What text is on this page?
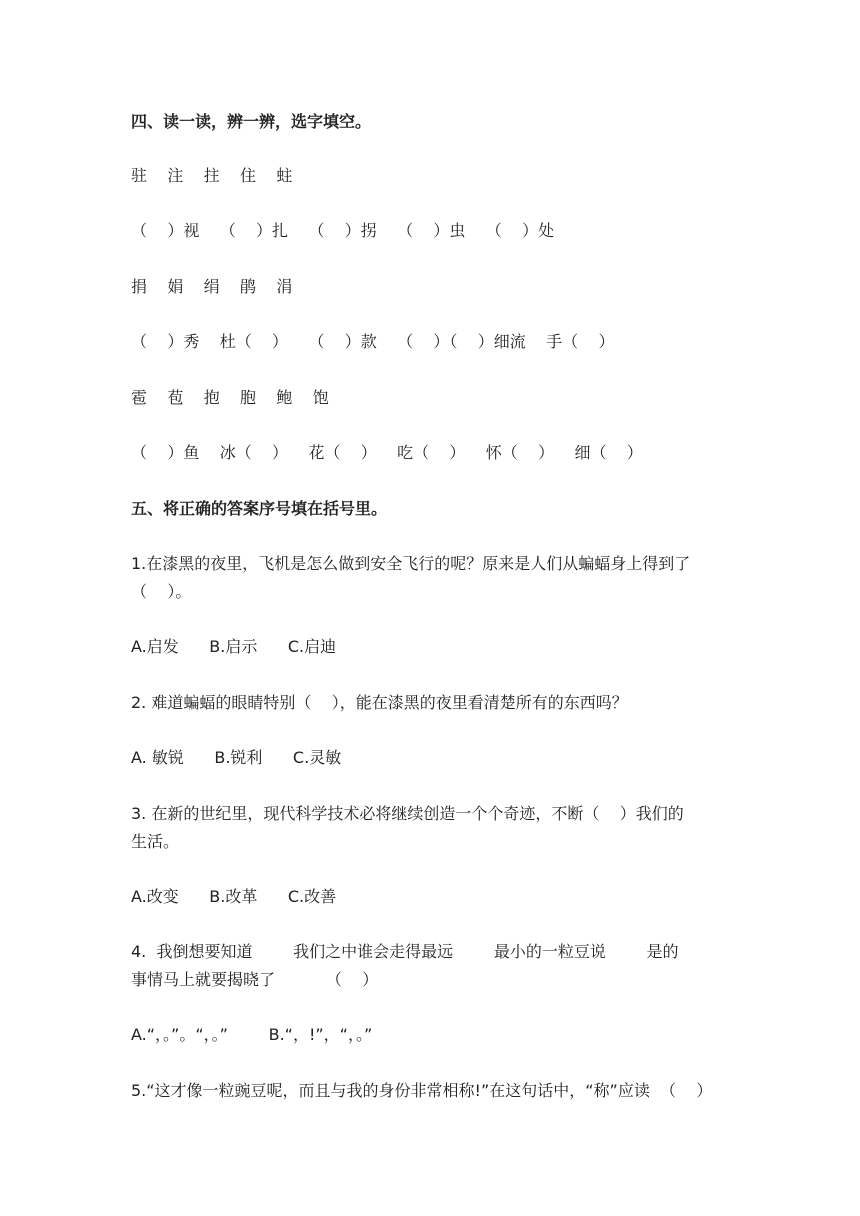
四、读一读，辨一辨，选字填空。
驻    注    拄    住    蛀
（    ）视    （    ）扎    （    ）拐    （    ）虫    （    ）处
捐    娟    绢    鹃    涓
（    ）秀    杜（    ）    （    ）款    （    ）（    ）细流    手（    ）
雹    苞    抱    胞    鲍    饱
（    ）鱼    冰（    ）    花（    ）    吃（    ）    怀（    ）    细（    ）
五、将正确的答案序号填在括号里。
1.在漆黑的夜里，飞机是怎么做到安全飞行的呢？原来是人们从蝙蝠身上得到了
（    ）。
A.启发      B.启示      C.启迪
2. 难道蝙蝠的眼睛特别（    ），能在漆黑的夜里看清楚所有的东西吗？
A. 敏锐      B.锐利      C.灵敏
3. 在新的世纪里，现代科学技术必将继续创造一个个奇迹，不断（    ）我们的
生活。
A.改变      B.改革      C.改善
4.  我倒想要知道        我们之中谁会走得最远        最小的一粒豆说        是的
事情马上就要揭晓了          （    ）
A.“，。”。“，。”        B.“，!”，“，。”
5.“这才像一粒豌豆呢，而且与我的身份非常相称!”在这句话中，“称”应读  （    ）
